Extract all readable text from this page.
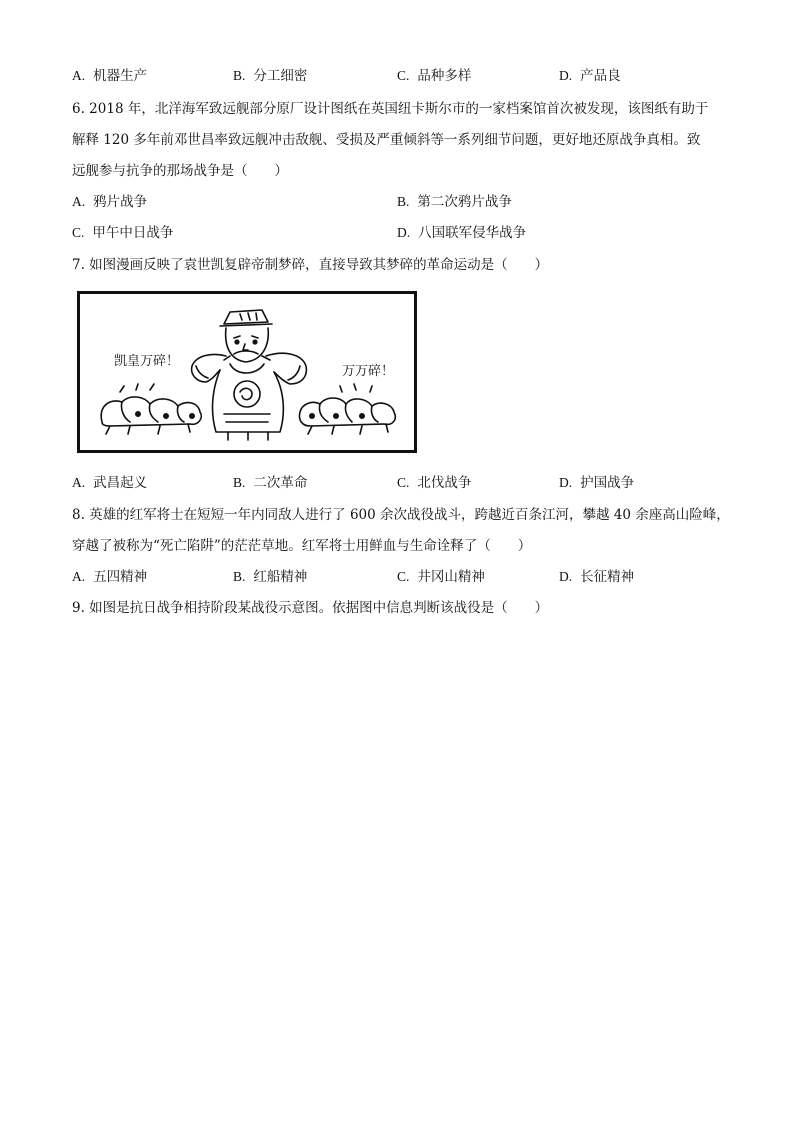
A. 机器生产	B. 分工细密	C. 品种多样	D. 产品良
6. 2018 年，北洋海军致远舰部分原厂设计图纸在英国纽卡斯尔市的一家档案馆首次被发现，该图纸有助于
解释 120 多年前邓世昌率致远舰冲击敌舰、受损及严重倾斜等一系列细节问题，更好地还原战争真相。致
远舰参与抗争的那场战争是（　　）
A. 鸦片战争	B. 第二次鸦片战争
C. 甲午中日战争	D. 八国联军侵华战争
7. 如图漫画反映了袁世凯复辟帝制梦碎，直接导致其梦碎的革命运动是（　　）
凯皇万碎！
万万碎！
A. 武昌起义	B. 二次革命	C. 北伐战争	D. 护国战争
8. 英雄的红军将士在短短一年内同敌人进行了 600 余次战役战斗，跨越近百条江河，攀越 40 余座高山险峰，
穿越了被称为“死亡陷阱”的茫茫草地。红军将士用鲜血与生命诠释了（　　）
A. 五四精神	B. 红船精神	C. 井冈山精神	D. 长征精神
9. 如图是抗日战争相持阶段某战役示意图。依据图中信息判断该战役是（　　）
